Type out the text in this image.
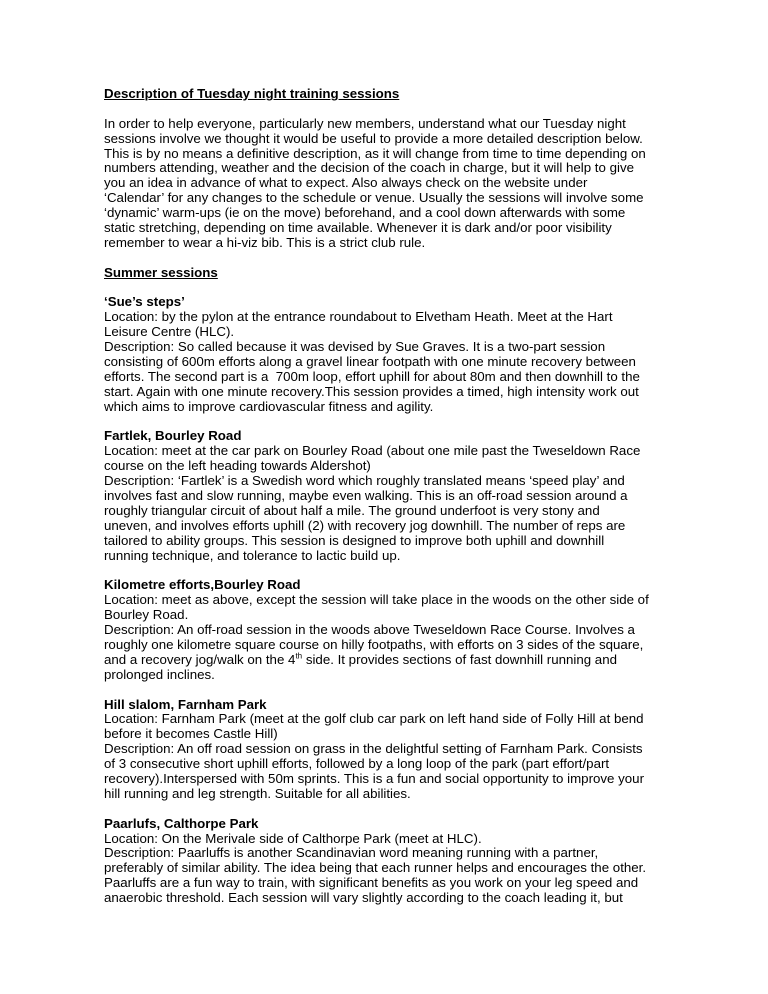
Description of Tuesday night training sessions
In order to help everyone, particularly new members, understand what our Tuesday night
sessions involve we thought it would be useful to provide a more detailed description below.
This is by no means a definitive description, as it will change from time to time depending on
numbers attending, weather and the decision of the coach in charge, but it will help to give
you an idea in advance of what to expect. Also always check on the website under
‘Calendar’ for any changes to the schedule or venue. Usually the sessions will involve some
‘dynamic’ warm-ups (ie on the move) beforehand, and a cool down afterwards with some
static stretching, depending on time available. Whenever it is dark and/or poor visibility
remember to wear a hi-viz bib. This is a strict club rule.
Summer sessions
‘Sue’s steps’
Location: by the pylon at the entrance roundabout to Elvetham Heath. Meet at the Hart
Leisure Centre (HLC).
Description: So called because it was devised by Sue Graves. It is a two-part session
consisting of 600m efforts along a gravel linear footpath with one minute recovery between
efforts. The second part is a  700m loop, effort uphill for about 80m and then downhill to the
start. Again with one minute recovery.This session provides a timed, high intensity work out
which aims to improve cardiovascular fitness and agility.
Fartlek, Bourley Road
Location: meet at the car park on Bourley Road (about one mile past the Tweseldown Race
course on the left heading towards Aldershot)
Description: ‘Fartlek’ is a Swedish word which roughly translated means ‘speed play’ and
involves fast and slow running, maybe even walking. This is an off-road session around a
roughly triangular circuit of about half a mile. The ground underfoot is very stony and
uneven, and involves efforts uphill (2) with recovery jog downhill. The number of reps are
tailored to ability groups. This session is designed to improve both uphill and downhill
running technique, and tolerance to lactic build up.
Kilometre efforts,Bourley Road
Location: meet as above, except the session will take place in the woods on the other side of
Bourley Road.
Description: An off-road session in the woods above Tweseldown Race Course. Involves a
roughly one kilometre square course on hilly footpaths, with efforts on 3 sides of the square,
and a recovery jog/walk on the 4th side. It provides sections of fast downhill running and
prolonged inclines.
Hill slalom, Farnham Park
Location: Farnham Park (meet at the golf club car park on left hand side of Folly Hill at bend
before it becomes Castle Hill)
Description: An off road session on grass in the delightful setting of Farnham Park. Consists
of 3 consecutive short uphill efforts, followed by a long loop of the park (part effort/part
recovery).Interspersed with 50m sprints. This is a fun and social opportunity to improve your
hill running and leg strength. Suitable for all abilities.
Paarlufs, Calthorpe Park
Location: On the Merivale side of Calthorpe Park (meet at HLC).
Description: Paarluffs is another Scandinavian word meaning running with a partner,
preferably of similar ability. The idea being that each runner helps and encourages the other.
Paarluffs are a fun way to train, with significant benefits as you work on your leg speed and
anaerobic threshold. Each session will vary slightly according to the coach leading it, but
